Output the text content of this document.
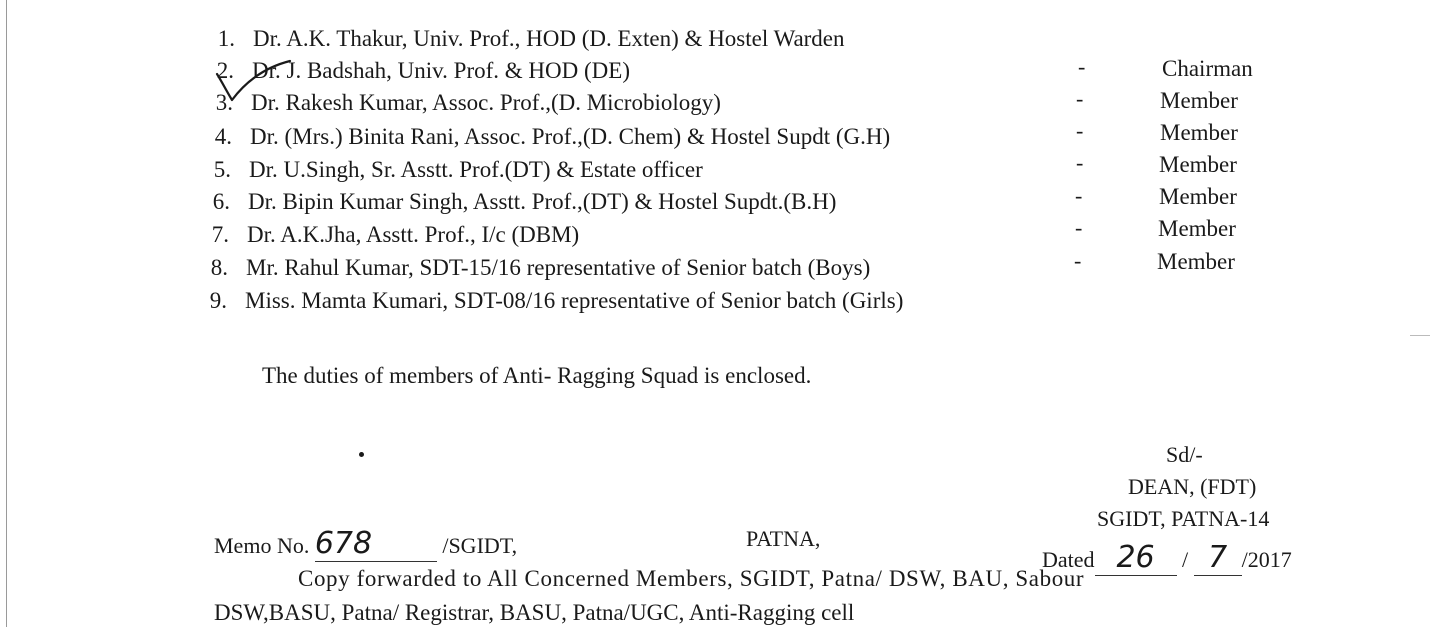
1. Dr. A.K. Thakur, Univ. Prof., HOD (D. Exten) & Hostel Warden
2. Dr. J. Badshah, Univ. Prof. & HOD (DE)
3. Dr. Rakesh Kumar, Assoc. Prof.,(D. Microbiology)
4. Dr. (Mrs.) Binita Rani, Assoc. Prof.,(D. Chem) & Hostel Supdt (G.H)
5. Dr. U.Singh, Sr. Asstt. Prof.(DT) & Estate officer
6. Dr. Bipin Kumar Singh, Asstt. Prof.,(DT) & Hostel Supdt.(B.H)
7. Dr. A.K.Jha, Asstt. Prof., I/c (DBM)
8. Mr. Rahul Kumar, SDT-15/16 representative of Senior batch (Boys)
9. Miss. Mamta Kumari, SDT-08/16 representative of Senior batch (Girls)
-
-
-
-
-
-
-
Chairman
Member
Member
Member
Member
Member
Member
The duties of members of Anti- Ragging Squad is enclosed.
Sd/-
DEAN, (FDT)
SGIDT, PATNA-14
Memo No. 678	/SGIDT,	PATNA,
Dated 26 / 7 /2017
Copy forwarded to All Concerned Members, SGIDT, Patna/ DSW, BAU, Sabour
DSW,BASU, Patna/ Registrar, BASU, Patna/UGC, Anti-Ragging cell
